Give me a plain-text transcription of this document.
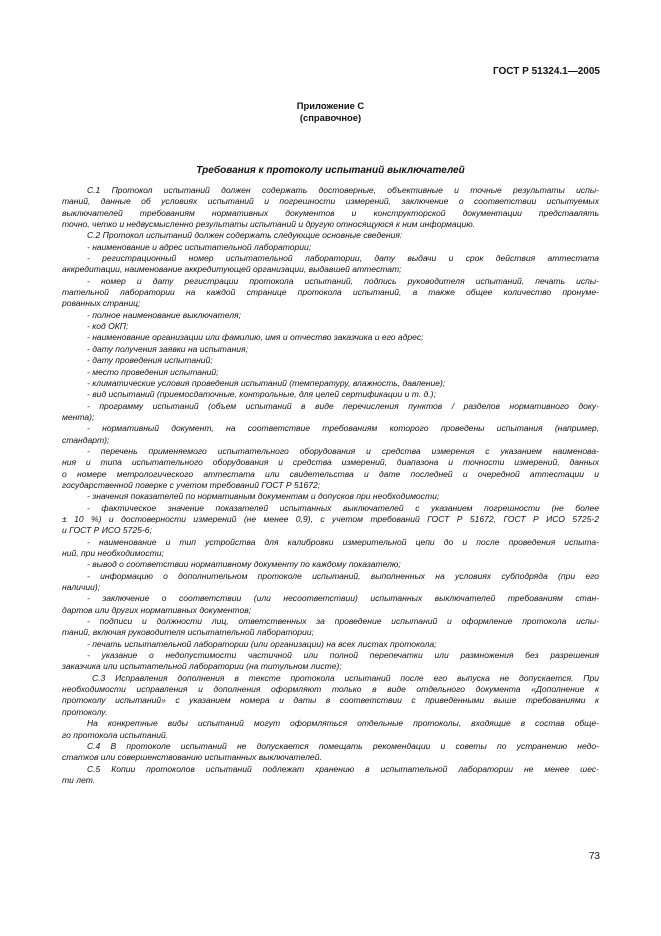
ГОСТ Р 51324.1—2005
Приложение С
(справочное)
Требования к протоколу испытаний выключателей
С.1 Протокол испытаний должен содержать достоверные, объективные и точные результаты испы-
таний, данные об условиях испытаний и погрешности измерений, заключение о соответствии испытуемых
выключателей требованиям нормативных документов и конструкторской документации представлять
точно, четко и недвусмысленно результаты испытаний и другую относящуюся к ним информацию.
С.2 Протокол испытаний должен содержать следующие основные сведения:
- наименование и адрес испытательной лаборатории;
- регистрационный номер испытательной лаборатории, дату выдачи и срок действия аттестата
аккредитации, наименование аккредитующей организации, выдавшей аттестат;
- номер и дату регистрации протокола испытаний, подпись руководителя испытаний, печать испы-
тательной лаборатории на каждой странице протокола испытаний, а также общее количество пронуме-
рованных страниц;
- полное наименование выключателя;
- код ОКП;
- наименование организации или фамилию, имя и отчество заказчика и его адрес;
- дату получения заявки на испытания;
- дату проведения испытаний;
- место проведения испытаний;
- климатические условия проведения испытаний (температуру, влажность, давление);
- вид испытаний (приемосдаточные, контрольные, для целей сертификации и т. д.);
- программу испытаний (объем испытаний в виде перечисления пунктов / разделов нормативного доку-
мента);
- нормативный документ, на соответствие требованиям которого проведены испытания (например,
стандарт);
- перечень применяемого испытательного оборудования и средства измерения с указанием наименова-
ния и типа испытательного оборудования и средства измерений, диапазона и точности измерений, данных
о номере метрологического аттестата или свидетельства и дате последней и очередной аттестации и
государственной поверке с учетом требований ГОСТ Р 51672;
- значения показателей по нормативным документам и допусков при необходимости;
- фактическое значение показателей испытанных выключателей с указанием погрешности (не более
± 10 %) и достоверности измерений (не менее 0,9), с учетом требований ГОСТ Р 51672, ГОСТ Р ИСО 5725-2
и ГОСТ Р ИСО 5725-6;
- наименование и тип устройства для калибровки измерительной цепи до и после проведения испыта-
ний, при необходимости;
- вывод о соответствии нормативному документу по каждому показателю;
- информацию о дополнительном протоколе испытаний, выполненных на условиях субподряда (при его
наличии);
- заключение о соответствии (или несоответствии) испытанных выключателей требованиям стан-
дартов или других нормативных документов;
- подписи и должности лиц, ответственных за проведение испытаний и оформление протокола испы-
таний, включая руководителя испытательной лаборатории;
- печать испытательной лаборатории (или организации) на всех листах протокола;
- указание о недопустимости частичной или полной перепечатки или размножения без разрешения
заказчика или испытательной лаборатории (на титульном листе);
С.3 Исправления дополнения в тексте протокола испытаний после его выпуска не допускается. При
необходимости исправления и дополнения оформляют только в виде отдельного документа «Дополнение к
протоколу испытаний» с указанием номера и даты в соответствии с приведенными выше требованиями к
протоколу.
На конкретные виды испытаний могут оформляться отдельные протоколы, входящие в состав обще-
го протокола испытаний.
С.4 В протоколе испытаний не допускается помещать рекомендации и советы по устранению недо-
статков или совершенствованию испытанных выключателей.
С.5 Копии протоколов испытаний подлежат хранению в испытательной лаборатории не менее шес-
ти лет.
73
